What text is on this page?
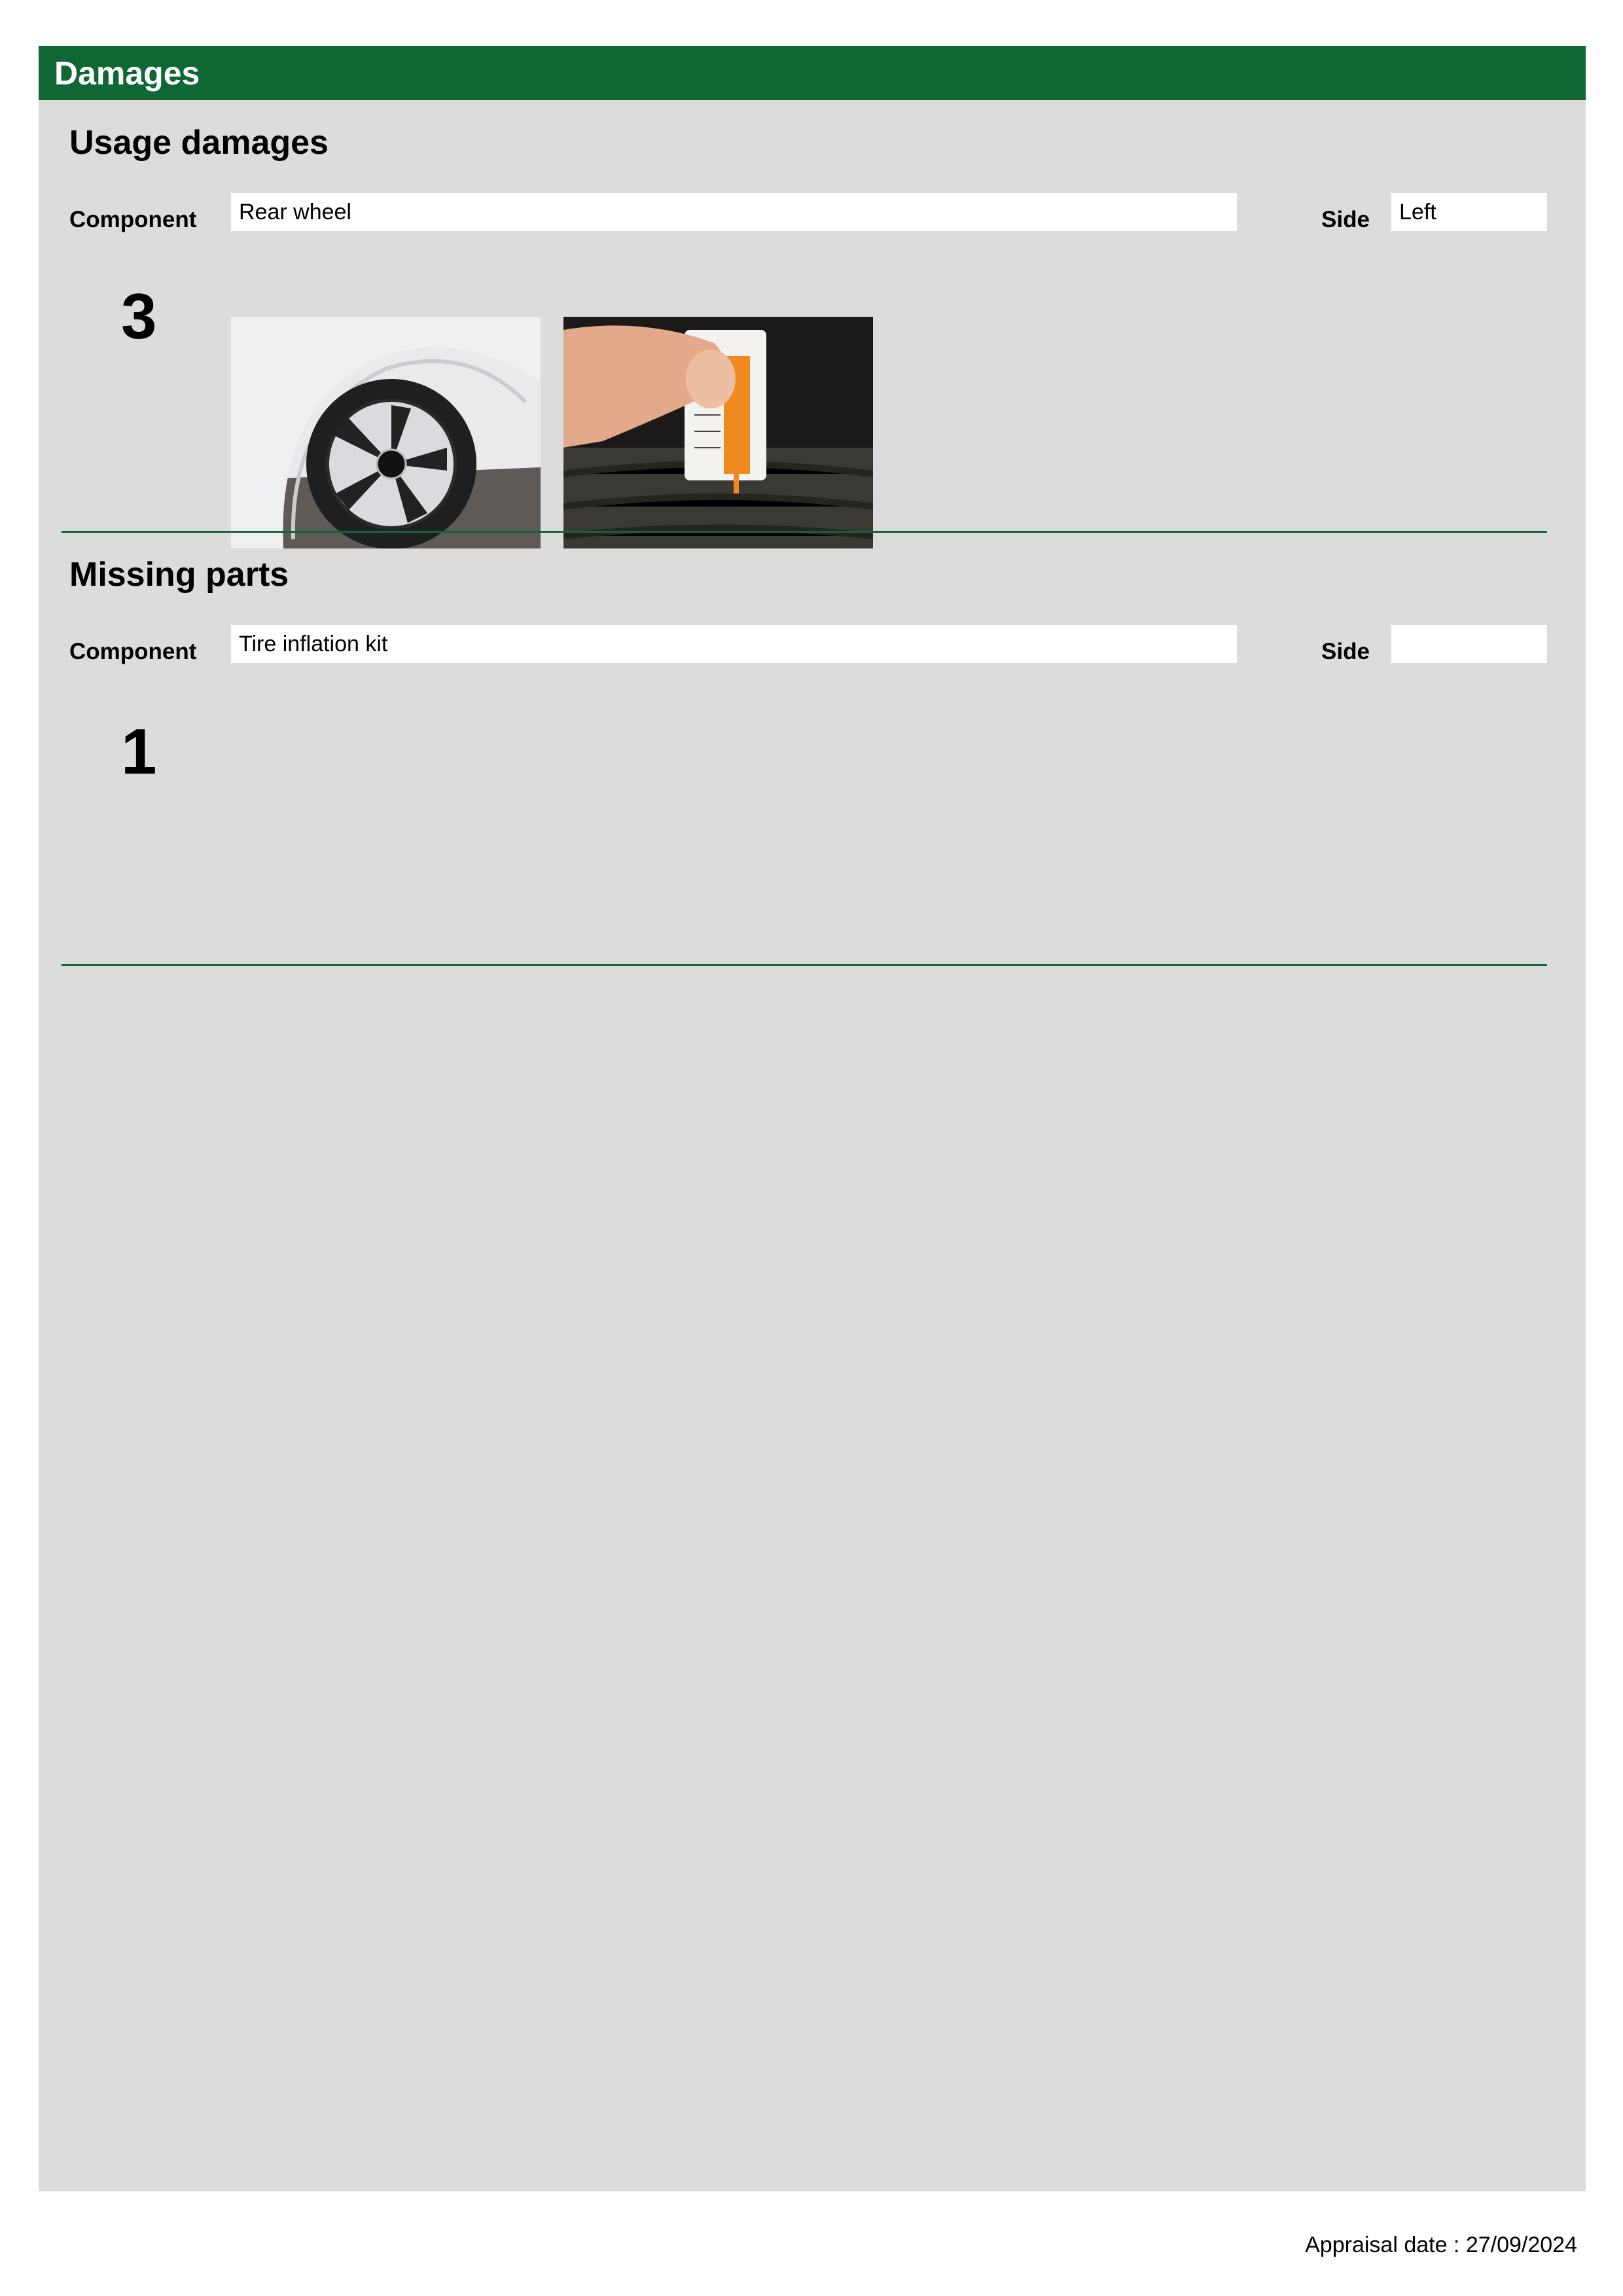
Damages
Usage damages
Component	Rear wheel	Side	Left
3
Missing parts
Component	Tire inflation kit	Side
1
Appraisal date : 27/09/2024
